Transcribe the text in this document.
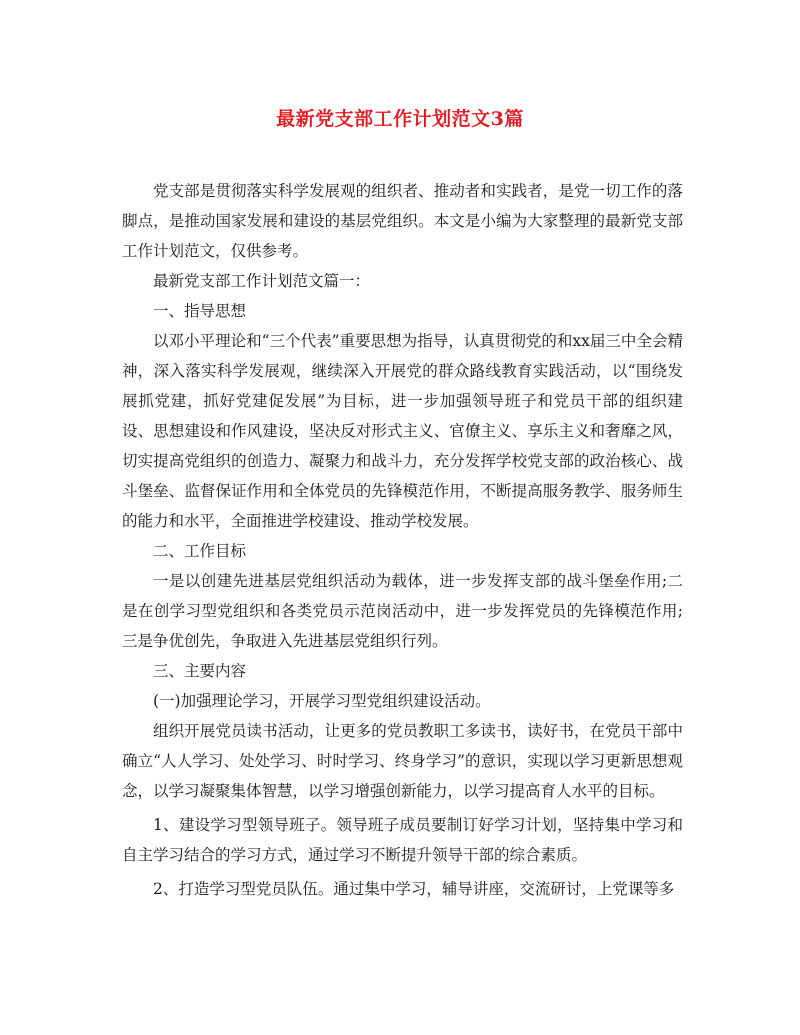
最新党支部工作计划范文3篇

党支部是贯彻落实科学发展观的组织者、推动者和实践者，是党一切工作的落脚点，是推动国家发展和建设的基层党组织。本文是小编为大家整理的最新党支部工作计划范文，仅供参考。

最新党支部工作计划范文篇一：

一、指导思想

以邓小平理论和“三个代表”重要思想为指导，认真贯彻党的和xx届三中全会精神，深入落实科学发展观，继续深入开展党的群众路线教育实践活动，以“围绕发展抓党建，抓好党建促发展”为目标，进一步加强领导班子和党员干部的组织建设、思想建设和作风建设，坚决反对形式主义、官僚主义、享乐主义和奢靡之风，切实提高党组织的创造力、凝聚力和战斗力，充分发挥学校党支部的政治核心、战斗堡垒、监督保证作用和全体党员的先锋模范作用，不断提高服务教学、服务师生的能力和水平，全面推进学校建设、推动学校发展。

二、工作目标

一是以创建先进基层党组织活动为载体，进一步发挥支部的战斗堡垒作用;二是在创学习型党组织和各类党员示范岗活动中，进一步发挥党员的先锋模范作用;三是争优创先，争取进入先进基层党组织行列。

三、主要内容

(一)加强理论学习，开展学习型党组织建设活动。

组织开展党员读书活动，让更多的党员教职工多读书，读好书，在党员干部中确立“人人学习、处处学习、时时学习、终身学习”的意识，实现以学习更新思想观念，以学习凝聚集体智慧，以学习增强创新能力，以学习提高育人水平的目标。

1、建设学习型领导班子。领导班子成员要制订好学习计划，坚持集中学习和自主学习结合的学习方式，通过学习不断提升领导干部的综合素质。

2、打造学习型党员队伍。通过集中学习，辅导讲座，交流研讨，上党课等多
